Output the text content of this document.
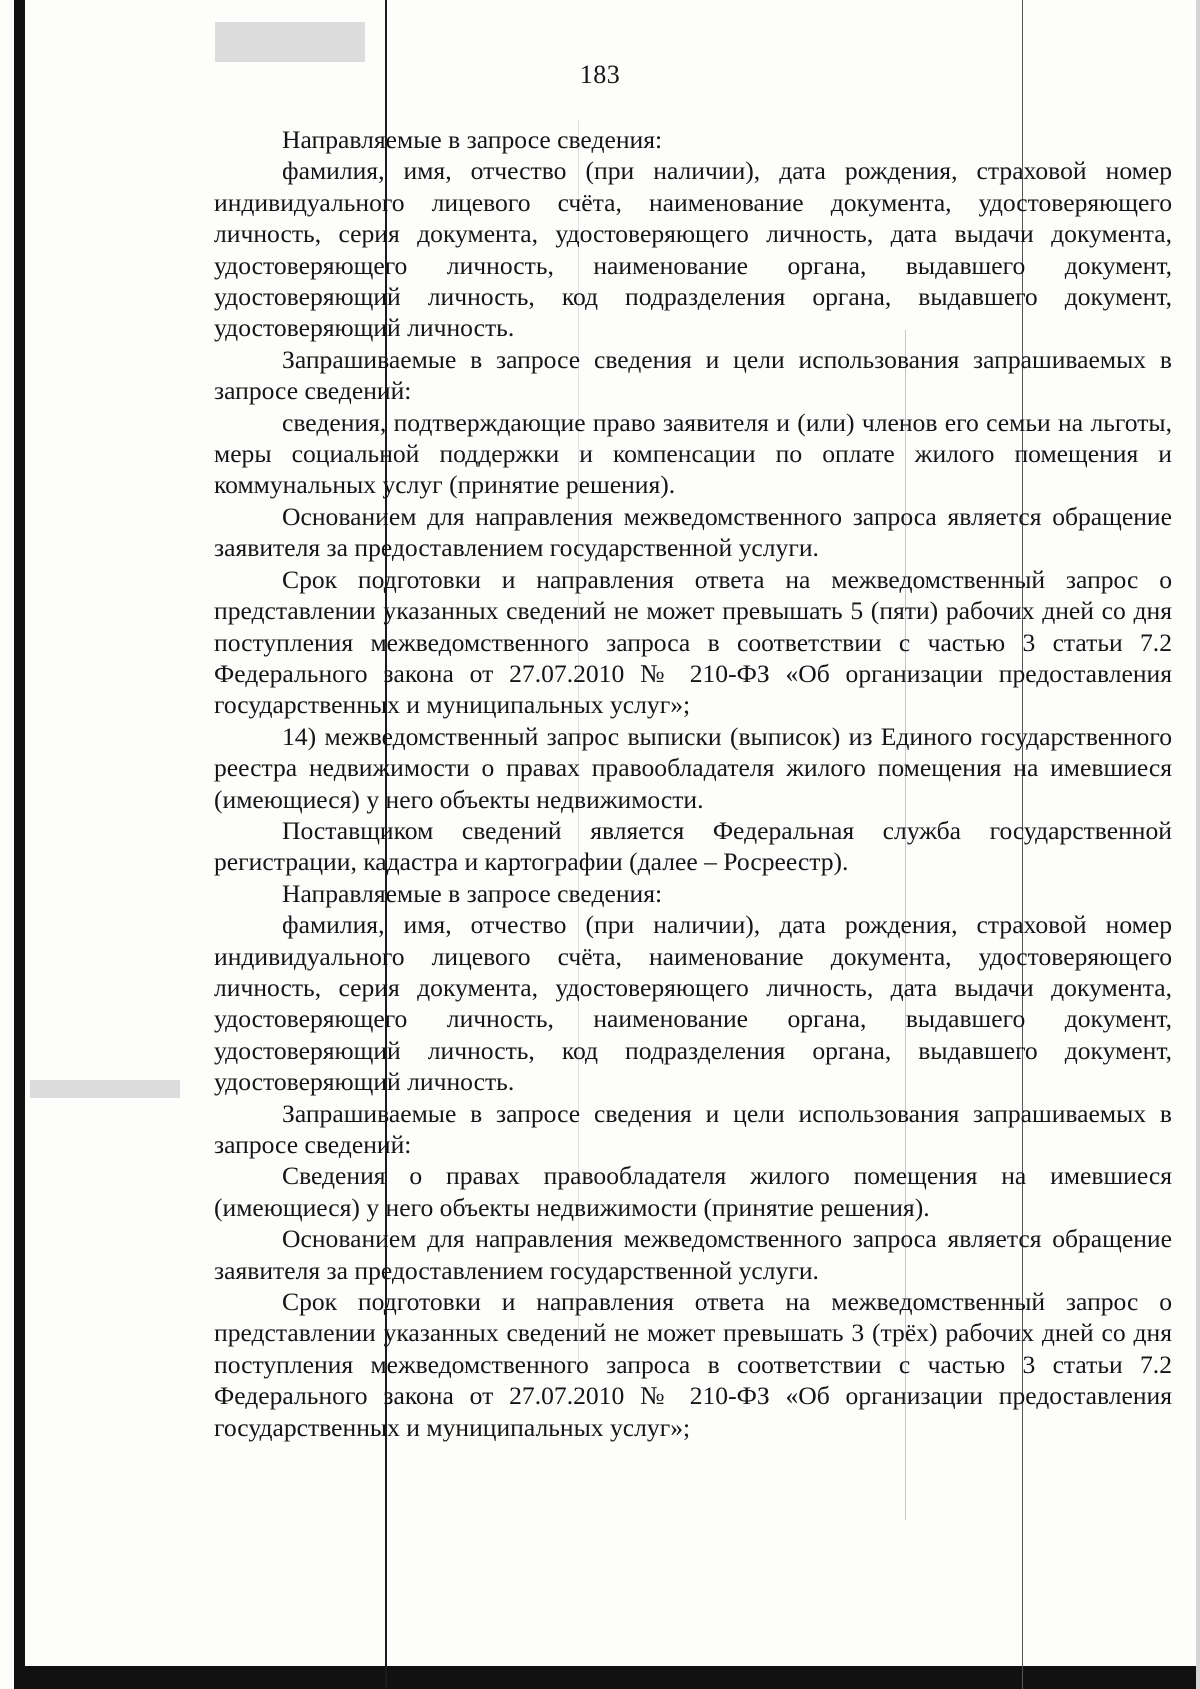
183

Направляемые в запросе сведения:

фамилия, имя, отчество (при наличии), дата рождения, страховой номер индивидуального лицевого счёта, наименование документа, удостоверяющего личность, серия документа, удостоверяющего личность, дата выдачи документа, удостоверяющего личность, наименование органа, выдавшего документ, удостоверяющий личность, код подразделения органа, выдавшего документ, удостоверяющий личность.

Запрашиваемые в запросе сведения и цели использования запрашиваемых в запросе сведений:

сведения, подтверждающие право заявителя и (или) членов его семьи на льготы, меры социальной поддержки и компенсации по оплате жилого помещения и коммунальных услуг (принятие решения).

Основанием для направления межведомственного запроса является обращение заявителя за предоставлением государственной услуги.

Срок подготовки и направления ответа на межведомственный запрос о представлении указанных сведений не может превышать 5 (пяти) рабочих дней со дня поступления межведомственного запроса в соответствии с частью 3 статьи 7.2 Федерального закона от 27.07.2010 № 210-ФЗ «Об организации предоставления государственных и муниципальных услуг»;

14) межведомственный запрос выписки (выписок) из Единого государственного реестра недвижимости о правах правообладателя жилого помещения на имевшиеся (имеющиеся) у него объекты недвижимости.

Поставщиком сведений является Федеральная служба государственной регистрации, кадастра и картографии (далее – Росреестр).

Направляемые в запросе сведения:

фамилия, имя, отчество (при наличии), дата рождения, страховой номер индивидуального лицевого счёта, наименование документа, удостоверяющего личность, серия документа, удостоверяющего личность, дата выдачи документа, удостоверяющего личность, наименование органа, выдавшего документ, удостоверяющий личность, код подразделения органа, выдавшего документ, удостоверяющий личность.

Запрашиваемые в запросе сведения и цели использования запрашиваемых в запросе сведений:

Сведения о правах правообладателя жилого помещения на имевшиеся (имеющиеся) у него объекты недвижимости (принятие решения).

Основанием для направления межведомственного запроса является обращение заявителя за предоставлением государственной услуги.

Срок подготовки и направления ответа на межведомственный запрос о представлении указанных сведений не может превышать 3 (трёх) рабочих дней со дня поступления межведомственного запроса в соответствии с частью 3 статьи 7.2 Федерального закона от 27.07.2010 № 210-ФЗ «Об организации предоставления государственных и муниципальных услуг»;
